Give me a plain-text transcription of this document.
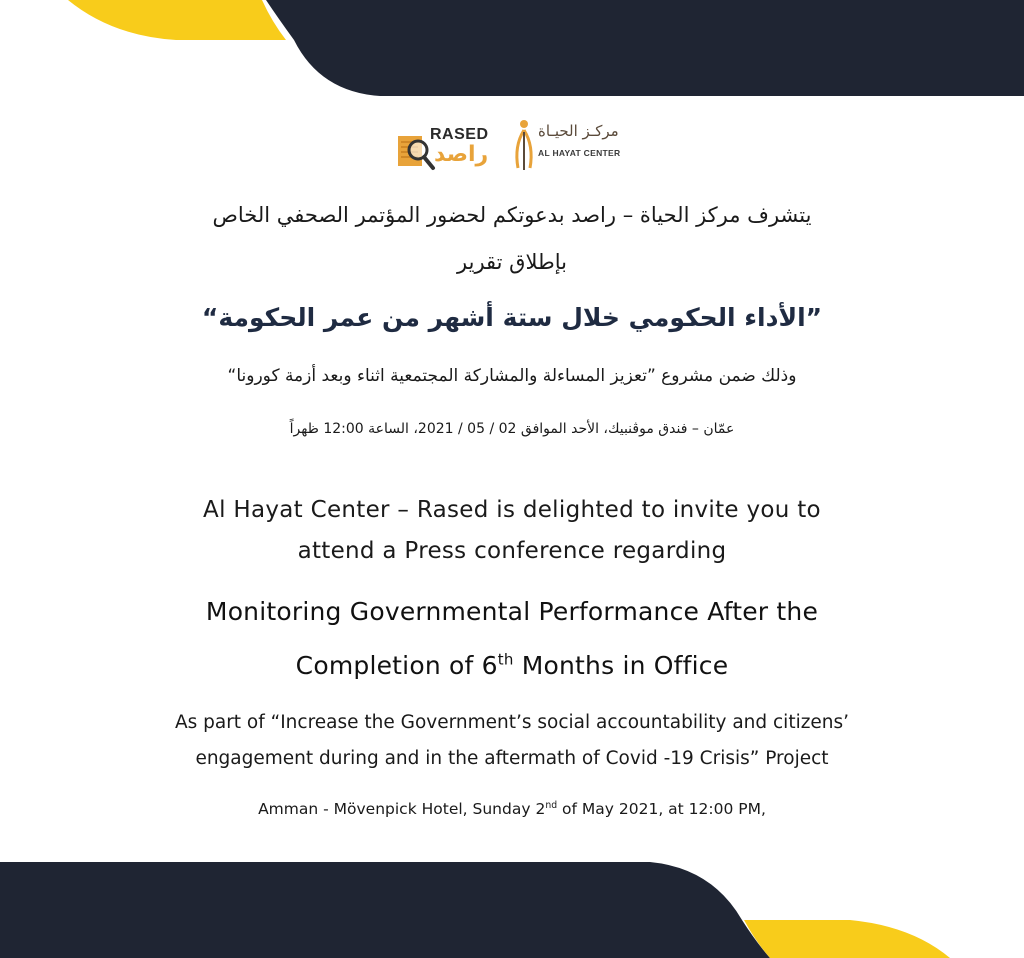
RASED
راصد
مركـز الحيـاة
AL HAYAT CENTER
يتشرف مركز الحياة – راصد بدعوتكم لحضور المؤتمر الصحفي الخاص
بإطلاق تقرير
”الأداء الحكومي خلال ستة أشهر من عمر الحكومة“
وذلك ضمن مشروع ”تعزيز المساءلة والمشاركة المجتمعية اثناء وبعد أزمة كورونا“
عمّان – فندق موڤنبيك، الأحد الموافق 02 / 05 / 2021، الساعة 12:00 ظهراً
Al Hayat Center – Rased is delighted to invite you to
attend a Press conference regarding
Monitoring Governmental Performance After the
Completion of 6th Months in Office
As part of “Increase the Government’s social accountability and citizens’
engagement during and in the aftermath of Covid -19 Crisis” Project
Amman - Mövenpick Hotel, Sunday 2nd of May 2021, at 12:00 PM,
